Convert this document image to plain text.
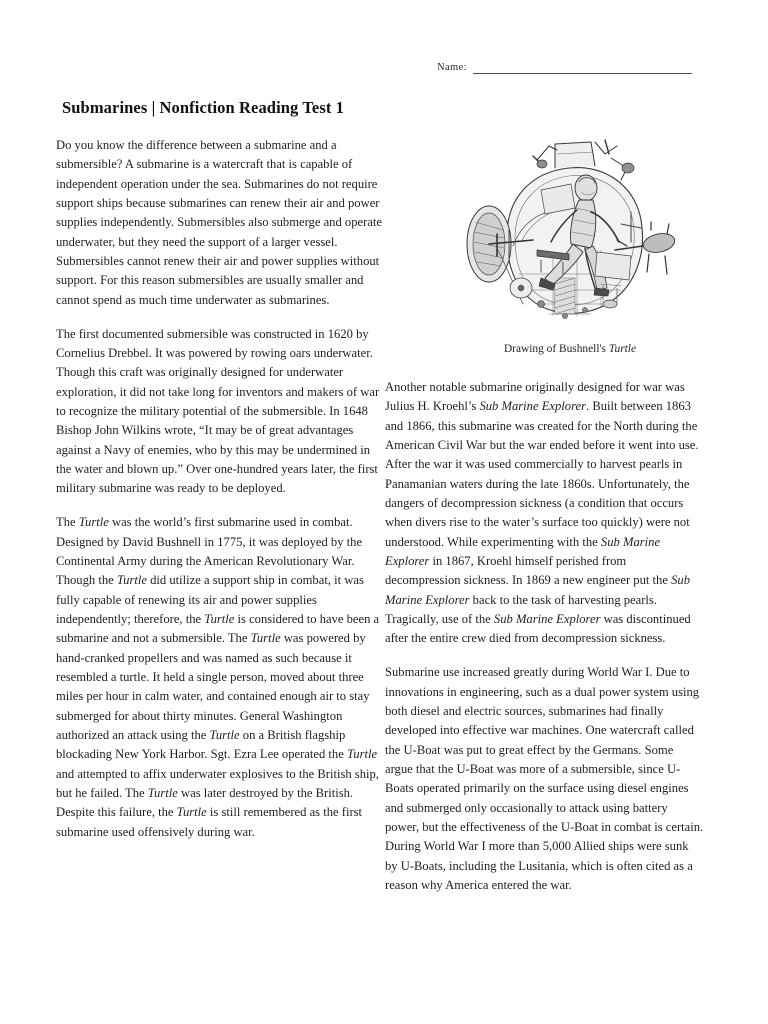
Name:
Submarines | Nonfiction Reading Test 1
Drawing of Bushnell's Turtle

Do you know the difference between a submarine and a submersible? A submarine is a watercraft that is capable of independent operation under the sea. Submarines do not require support ships because submarines can renew their air and power supplies independently. Submersibles also submerge and operate underwater, but they need the support of a larger vessel. Submersibles cannot renew their air and power supplies without support. For this reason submersibles are usually smaller and cannot spend as much time underwater as submarines.

The first documented submersible was constructed in 1620 by Cornelius Drebbel. It was powered by rowing oars underwater. Though this craft was originally designed for underwater exploration, it did not take long for inventors and makers of war to recognize the military potential of the submersible. In 1648 Bishop John Wilkins wrote, “It may be of great advantages against a Navy of enemies, who by this may be undermined in the water and blown up.” Over one-hundred years later, the first military submarine was ready to be deployed.

The Turtle was the world’s first submarine used in combat. Designed by David Bushnell in 1775, it was deployed by the Continental Army during the American Revolutionary War. Though the Turtle did utilize a support ship in combat, it was fully capable of renewing its air and power supplies independently; therefore, the Turtle is considered to have been a submarine and not a submersible. The Turtle was powered by hand-cranked propellers and was named as such because it resembled a turtle. It held a single person, moved about three miles per hour in calm water, and contained enough air to stay submerged for about thirty minutes. General Washington authorized an attack using the Turtle on a British flagship blockading New York Harbor. Sgt. Ezra Lee operated the Turtle and attempted to affix underwater explosives to the British ship, but he failed. The Turtle was later destroyed by the British. Despite this failure, the Turtle is still remembered as the first submarine used offensively during war.

Another notable submarine originally designed for war was Julius H. Kroehl’s Sub Marine Explorer. Built between 1863 and 1866, this submarine was created for the North during the American Civil War but the war ended before it went into use. After the war it was used commercially to harvest pearls in Panamanian waters during the late 1860s. Unfortunately, the dangers of decompression sickness (a condition that occurs when divers rise to the water’s surface too quickly) were not understood. While experimenting with the Sub Marine Explorer in 1867, Kroehl himself perished from decompression sickness. In 1869 a new engineer put the Sub Marine Explorer back to the task of harvesting pearls. Tragically, use of the Sub Marine Explorer was discontinued after the entire crew died from decompression sickness.

Submarine use increased greatly during World War I. Due to innovations in engineering, such as a dual power system using both diesel and electric sources, submarines had finally developed into effective war machines. One watercraft called the U-Boat was put to great effect by the Germans. Some argue that the U-Boat was more of a submersible, since U-Boats operated primarily on the surface using diesel engines and submerged only occasionally to attack using battery power, but the effectiveness of the U-Boat in combat is certain. During World War I more than 5,000 Allied ships were sunk by U-Boats, including the Lusitania, which is often cited as a reason why America entered the war.
